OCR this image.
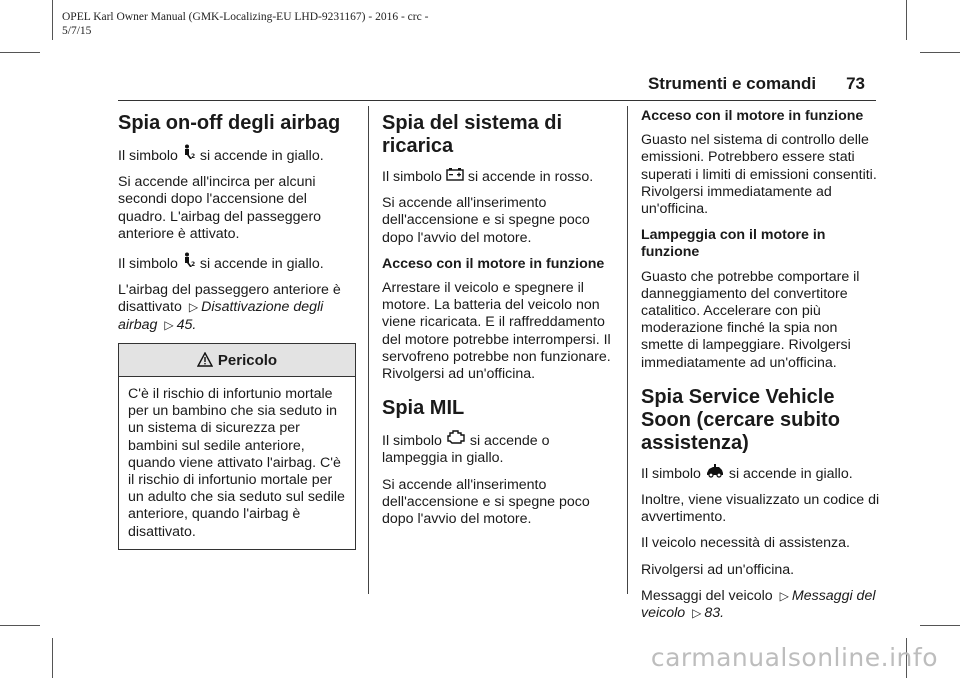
OPEL Karl Owner Manual (GMK-Localizing-EU LHD-9231167) - 2016 - crc -
5/7/15
Strumenti e comandi 73
Spia on-off degli airbag

Il simbolo 2 si accende in giallo.

Si accende all'incirca per alcuni secondi dopo l'accensione del quadro. L'airbag del passeggero anteriore è attivato.

Il simbolo 2 si accende in giallo.

L'airbag del passeggero anteriore è disattivato ▷ Disattivazione degli airbag ▷ 45.

Pericolo
C'è il rischio di infortunio mortale per un bambino che sia seduto in un sistema di sicurezza per bambini sul sedile anteriore, quando viene attivato l'airbag. C'è il rischio di infortunio mortale per un adulto che sia seduto sul sedile anteriore, quando l'airbag è disattivato.
Spia del sistema di ricarica

Il simbolo si accende in rosso.

Si accende all'inserimento dell'accensione e si spegne poco dopo l'avvio del motore.

Acceso con il motore in funzione

Arrestare il veicolo e spegnere il motore. La batteria del veicolo non viene ricaricata. E il raffreddamento del motore potrebbe interrompersi. Il servofreno potrebbe non funzionare. Rivolgersi ad un'officina.

Spia MIL

Il simbolo si accende o lampeggia in giallo.

Si accende all'inserimento dell'accensione e si spegne poco dopo l'avvio del motore.

Acceso con il motore in funzione

Guasto nel sistema di controllo delle emissioni. Potrebbero essere stati superati i limiti di emissioni consentiti. Rivolgersi immediatamente ad un'officina.

Lampeggia con il motore in funzione

Guasto che potrebbe comportare il danneggiamento del convertitore catalitico. Accelerare con più moderazione finché la spia non smette di lampeggiare. Rivolgersi immediatamente ad un'officina.

Spia Service Vehicle Soon (cercare subito assistenza)

Il simbolo si accende in giallo.

Inoltre, viene visualizzato un codice di avvertimento.

Il veicolo necessità di assistenza.

Rivolgersi ad un'officina.

Messaggi del veicolo ▷ Messaggi del veicolo ▷ 83.

carmanualsonline.info
